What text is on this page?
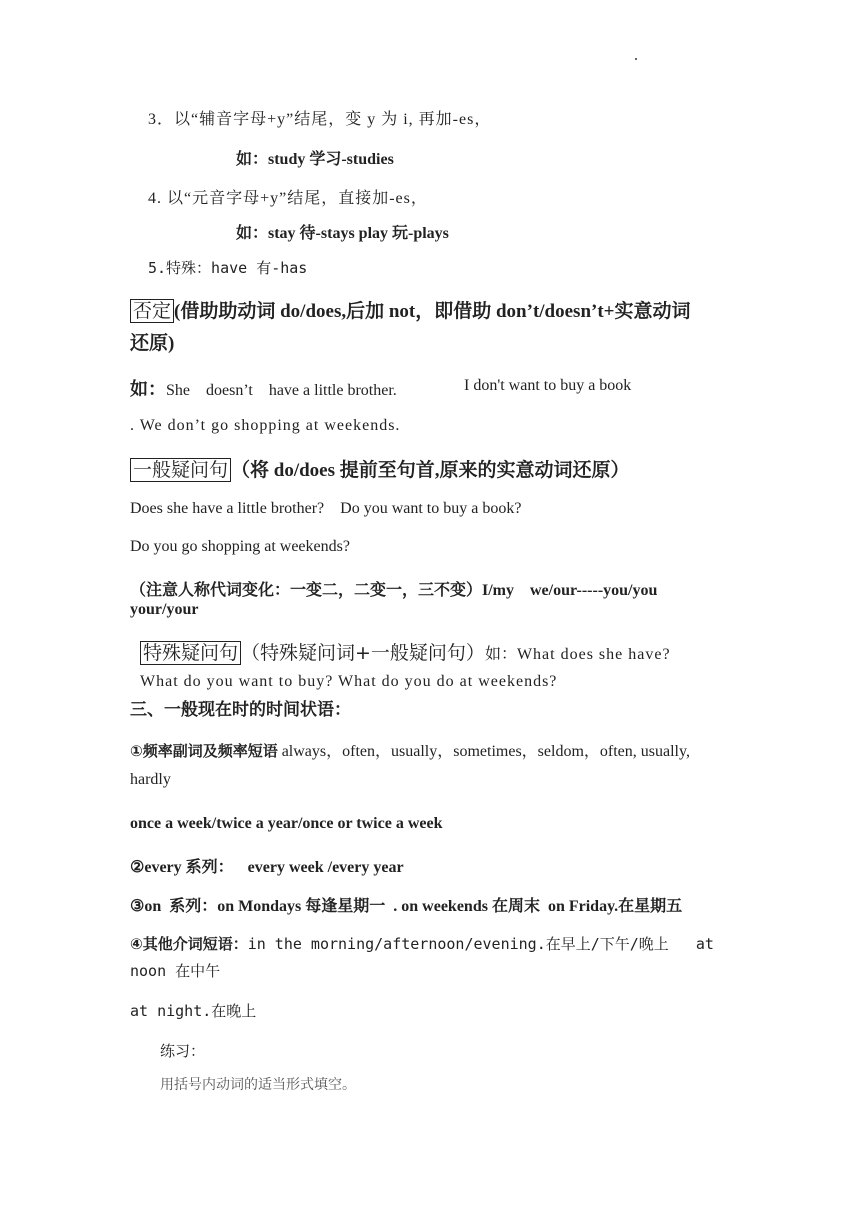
3．以“辅音字母+y”结尾，变 y 为 i, 再加-es，
如：study 学习-studies
4. 以“元音字母+y”结尾，直接加-es，
如：stay 待-stays play 玩-plays
5.特殊：have 有-has
否定 (借助助动词 do/does,后加 not，即借助 don’t/doesn’t+实意动词
还原)
如：She    doesn’t    have a little brother.	I don't want to buy a book
. We don’t go shopping at weekends.
一般疑问句 （将 do/does 提前至句首,原来的实意动词还原）
Does she have a little brother?    Do you want to buy a book?
Do you go shopping at weekends?
（注意人称代词变化：一变二，二变一，三不变）I/my    we/our-----you/you
your/your
特殊疑问句 （特殊疑问词+一般疑问句）如：What does she have?
What do you want to buy? What do you do at weekends?
三、一般现在时的时间状语：
①频率副词及频率短语 always，often，usually，sometimes，seldom，often, usually,
hardly
once a week/twice a year/once or twice a week
②every 系列： every week /every year
③on  系列：on Mondays 每逢星期一  . on weekends 在周末  on Friday.在星期五
④其他介词短语：in the morning/afternoon/evening.在早上/下午/晚上   at
noon 在中午
at night.在晚上
练习：
用括号内动词的适当形式填空。
